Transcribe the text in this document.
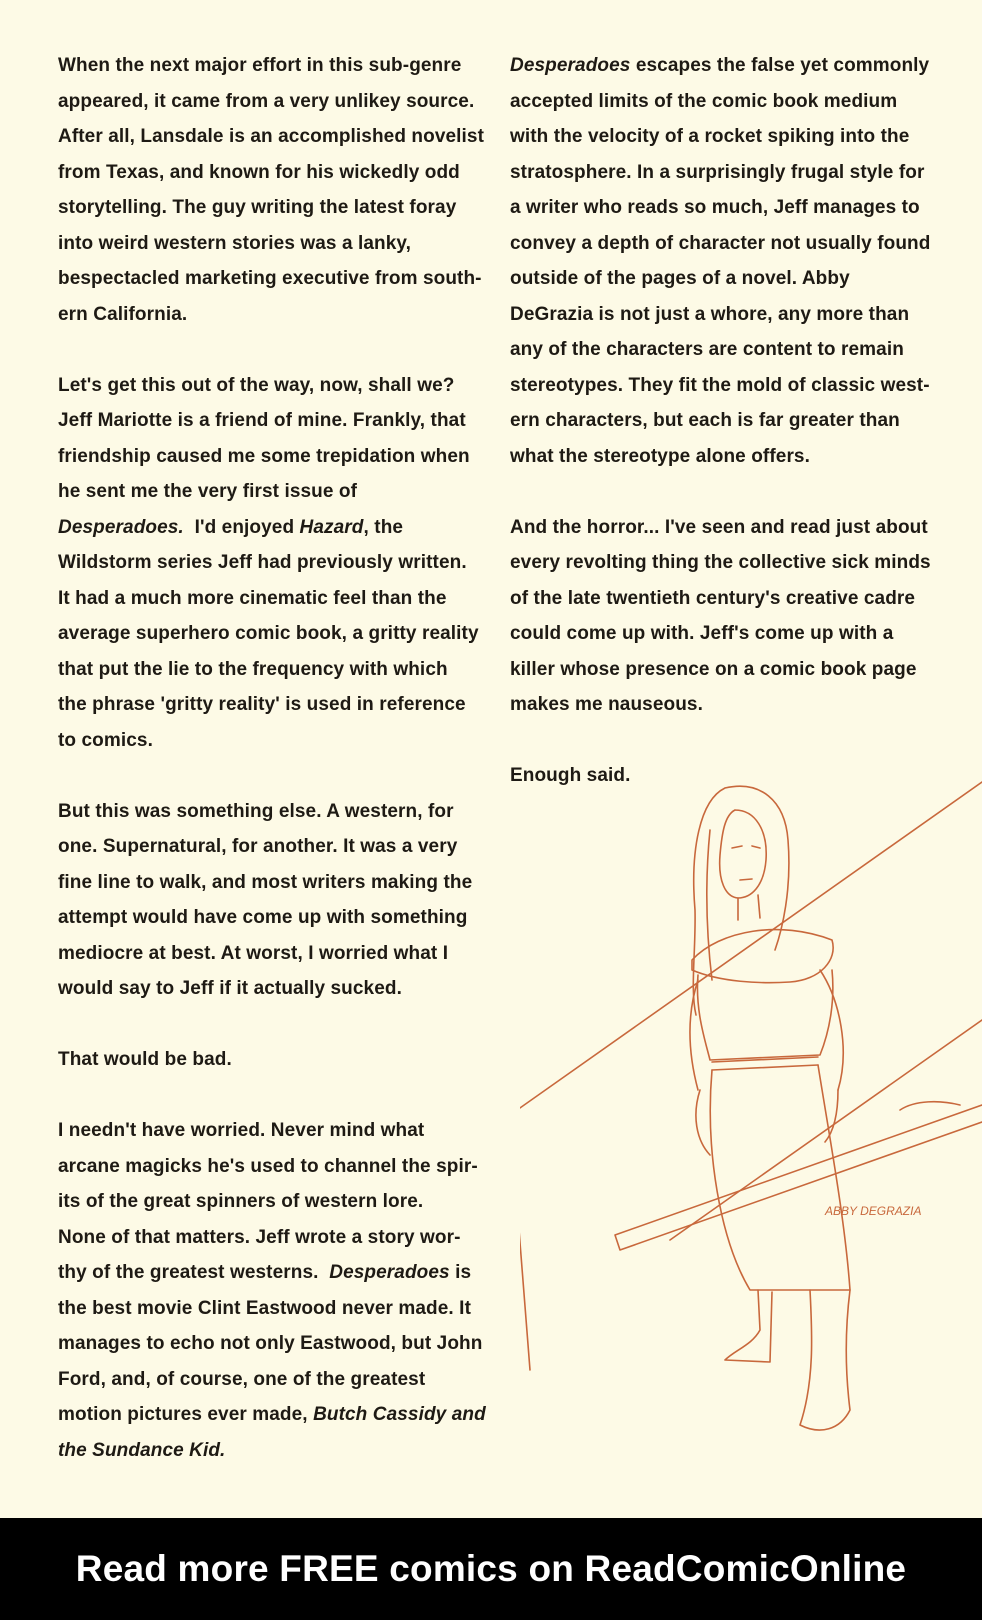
When the next major effort in this sub-genre
appeared, it came from a very unlikey source.
After all, Lansdale is an accomplished novelist
from Texas, and known for his wickedly odd
storytelling. The guy writing the latest foray
into weird western stories was a lanky,
bespectacled marketing executive from south-
ern California.

Let's get this out of the way, now, shall we?
Jeff Mariotte is a friend of mine. Frankly, that
friendship caused me some trepidation when
he sent me the very first issue of
Desperadoes.  I'd enjoyed Hazard, the
Wildstorm series Jeff had previously written.
It had a much more cinematic feel than the
average superhero comic book, a gritty reality
that put the lie to the frequency with which
the phrase 'gritty reality' is used in reference
to comics.

But this was something else. A western, for
one. Supernatural, for another. It was a very
fine line to walk, and most writers making the
attempt would have come up with something
mediocre at best. At worst, I worried what I
would say to Jeff if it actually sucked.

That would be bad.

I needn't have worried. Never mind what
arcane magicks he's used to channel the spir-
its of the great spinners of western lore.
None of that matters. Jeff wrote a story wor-
thy of the greatest westerns.  Desperadoes is
the best movie Clint Eastwood never made. It
manages to echo not only Eastwood, but John
Ford, and, of course, one of the greatest
motion pictures ever made, Butch Cassidy and
the Sundance Kid.

Desperadoes escapes the false yet commonly
accepted limits of the comic book medium
with the velocity of a rocket spiking into the
stratosphere. In a surprisingly frugal style for
a writer who reads so much, Jeff manages to
convey a depth of character not usually found
outside of the pages of a novel. Abby
DeGrazia is not just a whore, any more than
any of the characters are content to remain
stereotypes. They fit the mold of classic west-
ern characters, but each is far greater than
what the stereotype alone offers.

And the horror... I've seen and read just about
every revolting thing the collective sick minds
of the late twentieth century's creative cadre
could come up with. Jeff's come up with a
killer whose presence on a comic book page
makes me nauseous.

Enough said.

ABBY DEGRAZIA
Read more FREE comics on ReadComicOnline
